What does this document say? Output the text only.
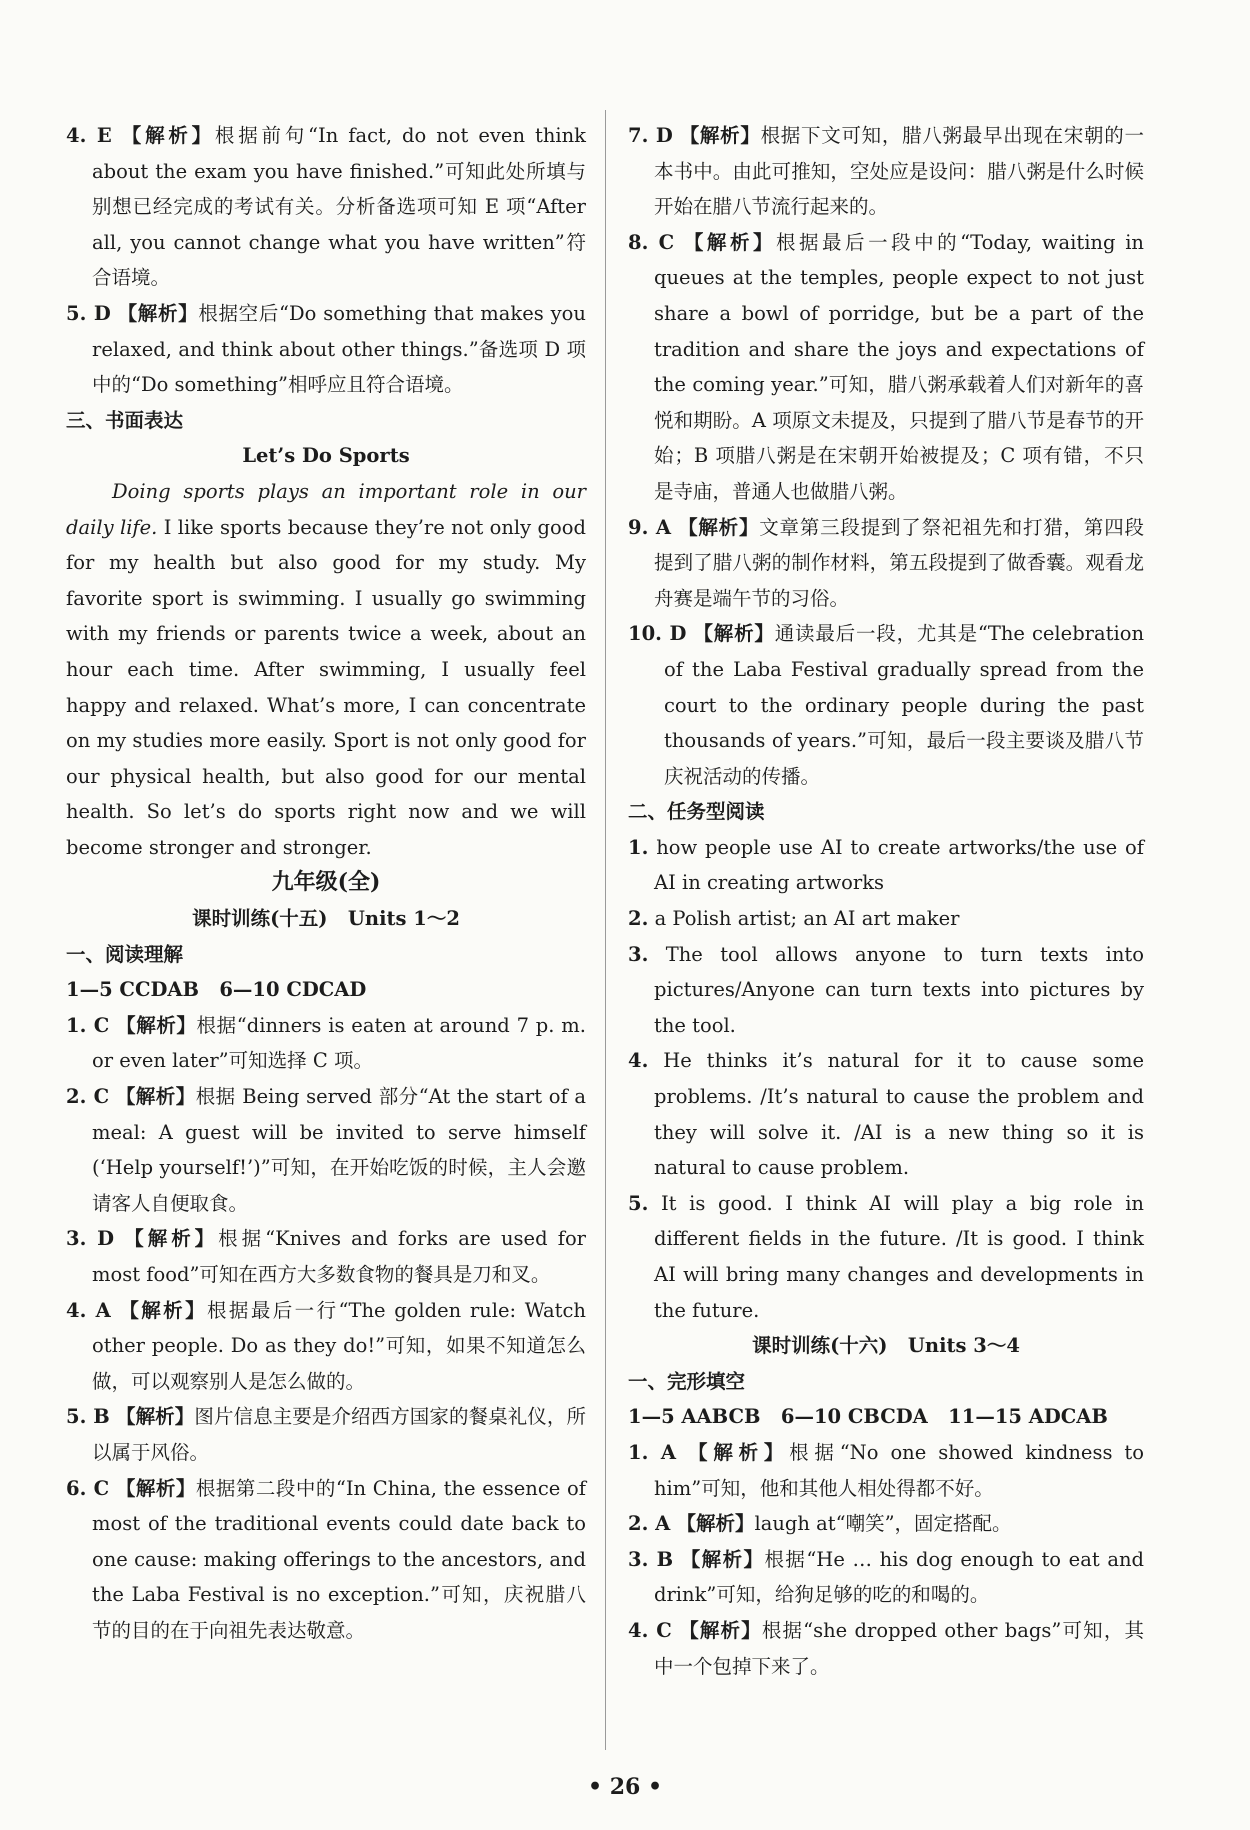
4. E 【解析】根据前句“In fact, do not even think about the exam you have finished.”可知此处所填与别想已经完成的考试有关。分析备选项可知 E 项“After all, you cannot change what you have written”符合语境。
5. D 【解析】根据空后“Do something that makes you relaxed, and think about other things.”备选项 D 项中的“Do something”相呼应且符合语境。
三、书面表达
Let’s Do Sports
Doing sports plays an important role in our daily life. I like sports because they’re not only good for my health but also good for my study. My favorite sport is swimming. I usually go swimming with my friends or parents twice a week, about an hour each time. After swimming, I usually feel happy and relaxed. What’s more, I can concentrate on my studies more easily. Sport is not only good for our physical health, but also good for our mental health. So let’s do sports right now and we will become stronger and stronger.
九年级(全)
课时训练(十五)   Units 1～2
一、阅读理解
1—5 CCDAB   6—10 CDCAD
1. C 【解析】根据“dinners is eaten at around 7 p. m. or even later”可知选择 C 项。
2. C 【解析】根据 Being served 部分“At the start of a meal: A guest will be invited to serve himself (‘Help yourself!’)”可知，在开始吃饭的时候，主人会邀请客人自便取食。
3. D 【解析】根据“Knives and forks are used for most food”可知在西方大多数食物的餐具是刀和叉。
4. A 【解析】根据最后一行“The golden rule: Watch other people. Do as they do!”可知，如果不知道怎么做，可以观察别人是怎么做的。
5. B 【解析】图片信息主要是介绍西方国家的餐桌礼仪，所以属于风俗。
6. C 【解析】根据第二段中的“In China, the essence of most of the traditional events could date back to one cause: making offerings to the ancestors, and the Laba Festival is no exception.”可知，庆祝腊八节的目的在于向祖先表达敬意。
7. D 【解析】根据下文可知，腊八粥最早出现在宋朝的一本书中。由此可推知，空处应是设问：腊八粥是什么时候开始在腊八节流行起来的。
8. C 【解析】根据最后一段中的“Today, waiting in queues at the temples, people expect to not just share a bowl of porridge, but be a part of the tradition and share the joys and expectations of the coming year.”可知，腊八粥承载着人们对新年的喜悦和期盼。A 项原文未提及，只提到了腊八节是春节的开始；B 项腊八粥是在宋朝开始被提及；C 项有错，不只是寺庙，普通人也做腊八粥。
9. A 【解析】文章第三段提到了祭祀祖先和打猎，第四段提到了腊八粥的制作材料，第五段提到了做香囊。观看龙舟赛是端午节的习俗。
10. D 【解析】通读最后一段，尤其是“The celebration of the Laba Festival gradually spread from the court to the ordinary people during the past thousands of years.”可知，最后一段主要谈及腊八节庆祝活动的传播。
二、任务型阅读
1. how people use AI to create artworks/the use of AI in creating artworks
2. a Polish artist; an AI art maker
3. The tool allows anyone to turn texts into pictures/Anyone can turn texts into pictures by the tool.
4. He thinks it’s natural for it to cause some problems. /It’s natural to cause the problem and they will solve it. /AI is a new thing so it is natural to cause problem.
5. It is good. I think AI will play a big role in different fields in the future. /It is good. I think AI will bring many changes and developments in the future.
课时训练(十六)   Units 3～4
一、完形填空
1—5 AABCB   6—10 CBCDA   11—15 ADCAB
1. A 【解析】根据“No one showed kindness to him”可知，他和其他人相处得都不好。
2. A 【解析】laugh at“嘲笑”，固定搭配。
3. B 【解析】根据“He … his dog enough to eat and drink”可知，给狗足够的吃的和喝的。
4. C 【解析】根据“she dropped other bags”可知，其中一个包掉下来了。
• 26 •
